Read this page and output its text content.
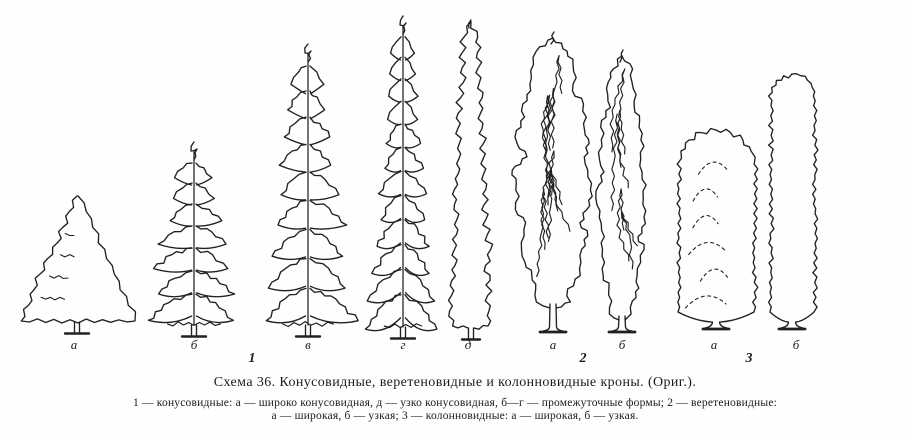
а	б	в	г	д	а	б	а	б
1	2	3
Схема 36. Конусовидные, веретеновидные и колонновидные кроны. (Ориг.).
1 — конусовидные: а — широко конусовидная, д — узко конусовидная, б—г — промежуточные формы; 2 — веретеновидные:
а — широкая, б — узкая; 3 — колонновидные: а — широкая, б — узкая.
